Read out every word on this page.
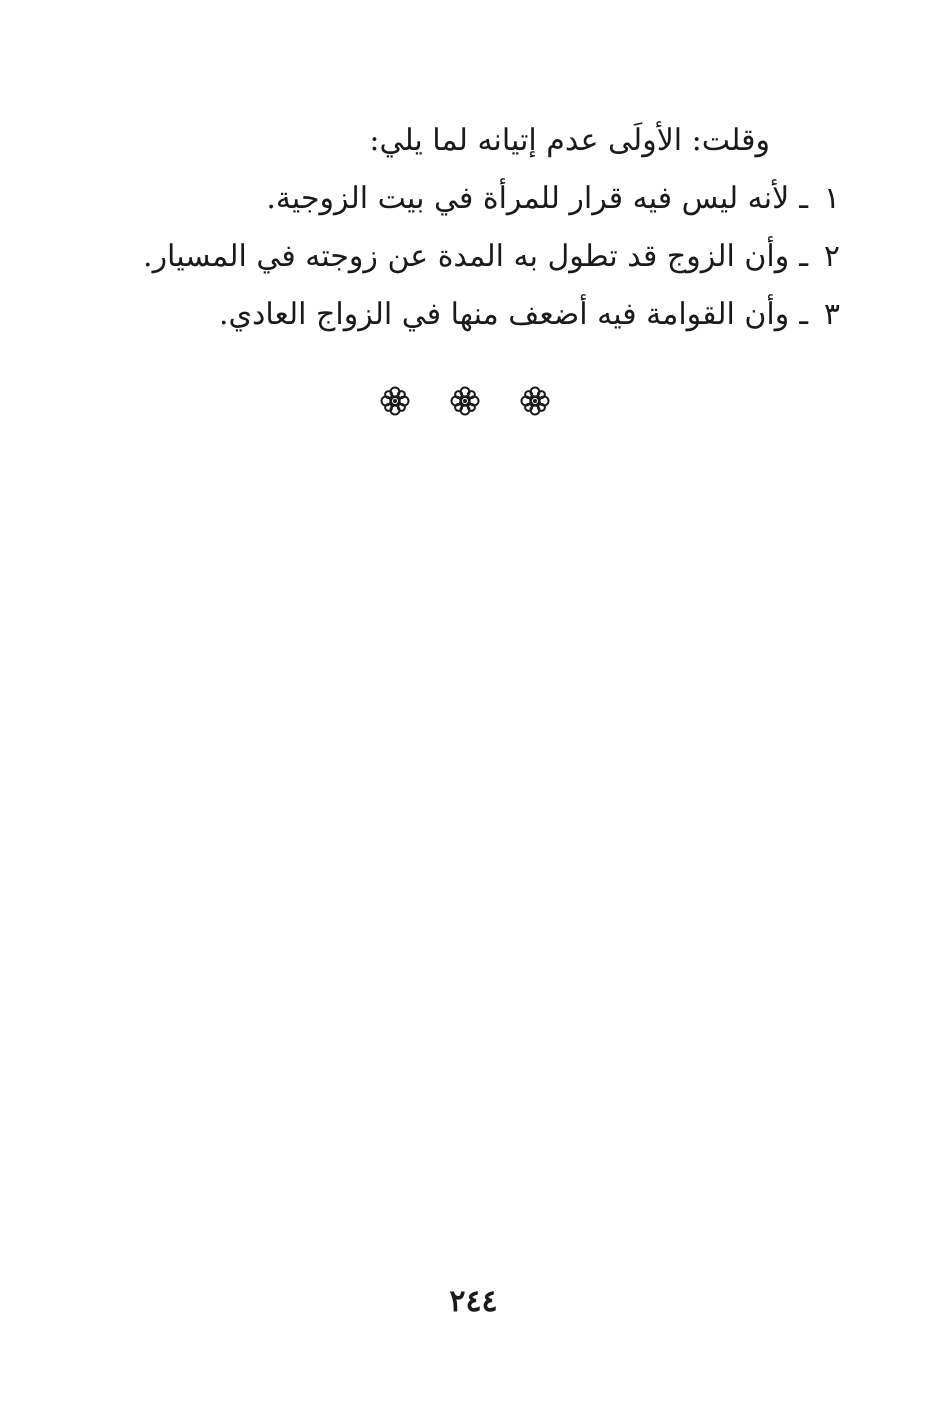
وقلت: الأولَى عدم إتيانه لما يلي:
١ـلأنه ليس فيه قرار للمرأة في بيت الزوجية.
٢ـوأن الزوج قد تطول به المدة عن زوجته في المسيار.
٣ـوأن القوامة فيه أضعف منها في الزواج العادي.
٢٤٤
